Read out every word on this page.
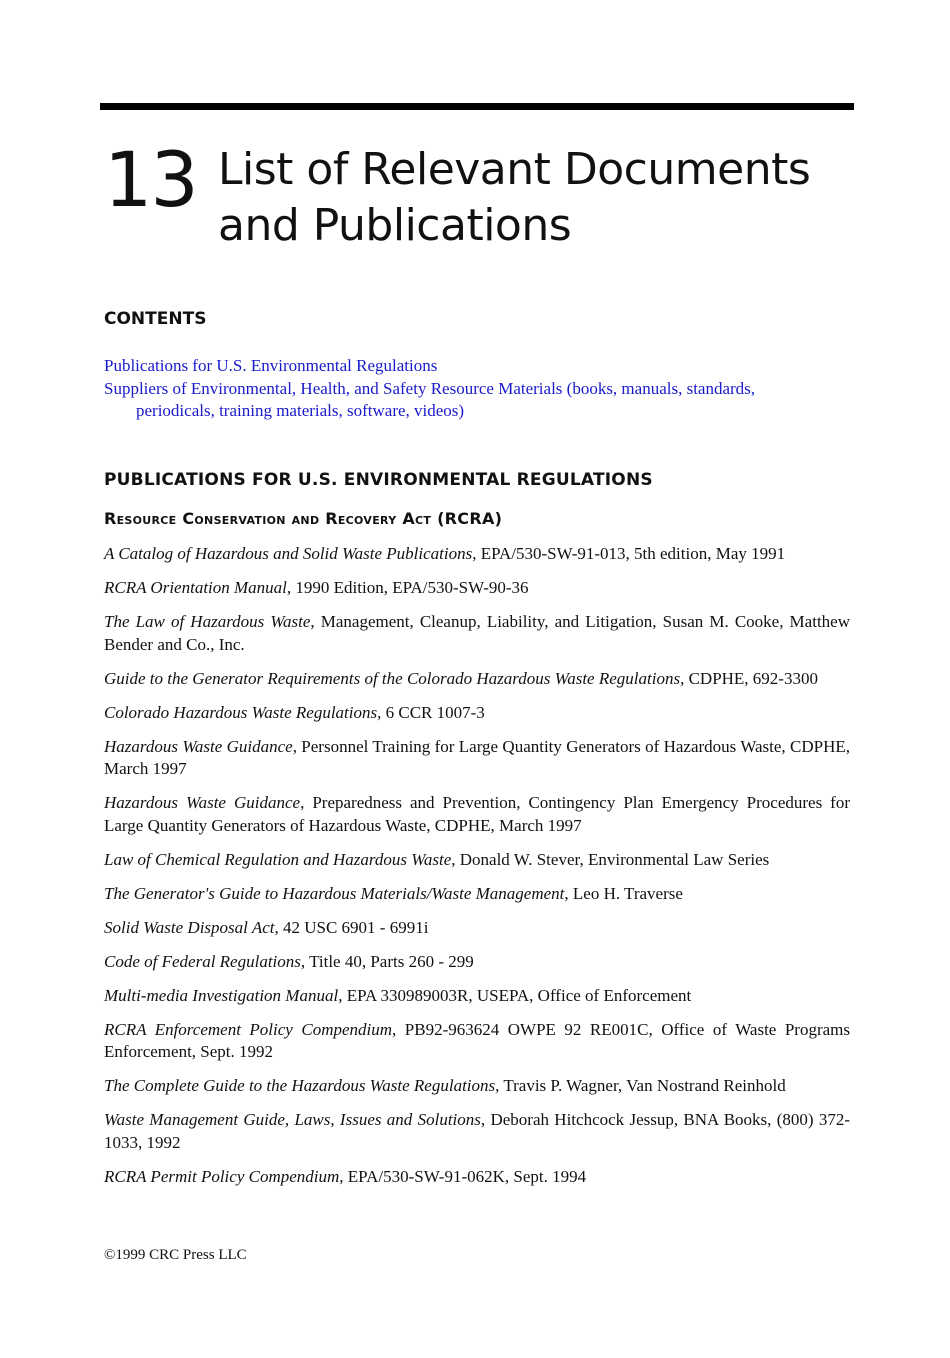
13 List of Relevant Documents and Publications
CONTENTS
Publications for U.S. Environmental Regulations
Suppliers of Environmental, Health, and Safety Resource Materials (books, manuals, standards, periodicals, training materials, software, videos)
PUBLICATIONS FOR U.S. ENVIRONMENTAL REGULATIONS
Resource Conservation and Recovery Act (RCRA)

A Catalog of Hazardous and Solid Waste Publications, EPA/530-SW-91-013, 5th edition, May 1991

RCRA Orientation Manual, 1990 Edition, EPA/530-SW-90-36

The Law of Hazardous Waste, Management, Cleanup, Liability, and Litigation, Susan M. Cooke, Matthew Bender and Co., Inc.

Guide to the Generator Requirements of the Colorado Hazardous Waste Regulations, CDPHE, 692-3300

Colorado Hazardous Waste Regulations, 6 CCR 1007-3

Hazardous Waste Guidance, Personnel Training for Large Quantity Generators of Hazardous Waste, CDPHE, March 1997

Hazardous Waste Guidance, Preparedness and Prevention, Contingency Plan Emergency Procedures for Large Quantity Generators of Hazardous Waste, CDPHE, March 1997

Law of Chemical Regulation and Hazardous Waste, Donald W. Stever, Environmental Law Series

The Generator's Guide to Hazardous Materials/Waste Management, Leo H. Traverse

Solid Waste Disposal Act, 42 USC 6901 - 6991i

Code of Federal Regulations, Title 40, Parts 260 - 299

Multi-media Investigation Manual, EPA 330989003R, USEPA, Office of Enforcement

RCRA Enforcement Policy Compendium, PB92-963624 OWPE 92 RE001C, Office of Waste Programs Enforcement, Sept. 1992

The Complete Guide to the Hazardous Waste Regulations, Travis P. Wagner, Van Nostrand Reinhold

Waste Management Guide, Laws, Issues and Solutions, Deborah Hitchcock Jessup, BNA Books, (800) 372-1033, 1992

RCRA Permit Policy Compendium, EPA/530-SW-91-062K, Sept. 1994

©1999 CRC Press LLC
